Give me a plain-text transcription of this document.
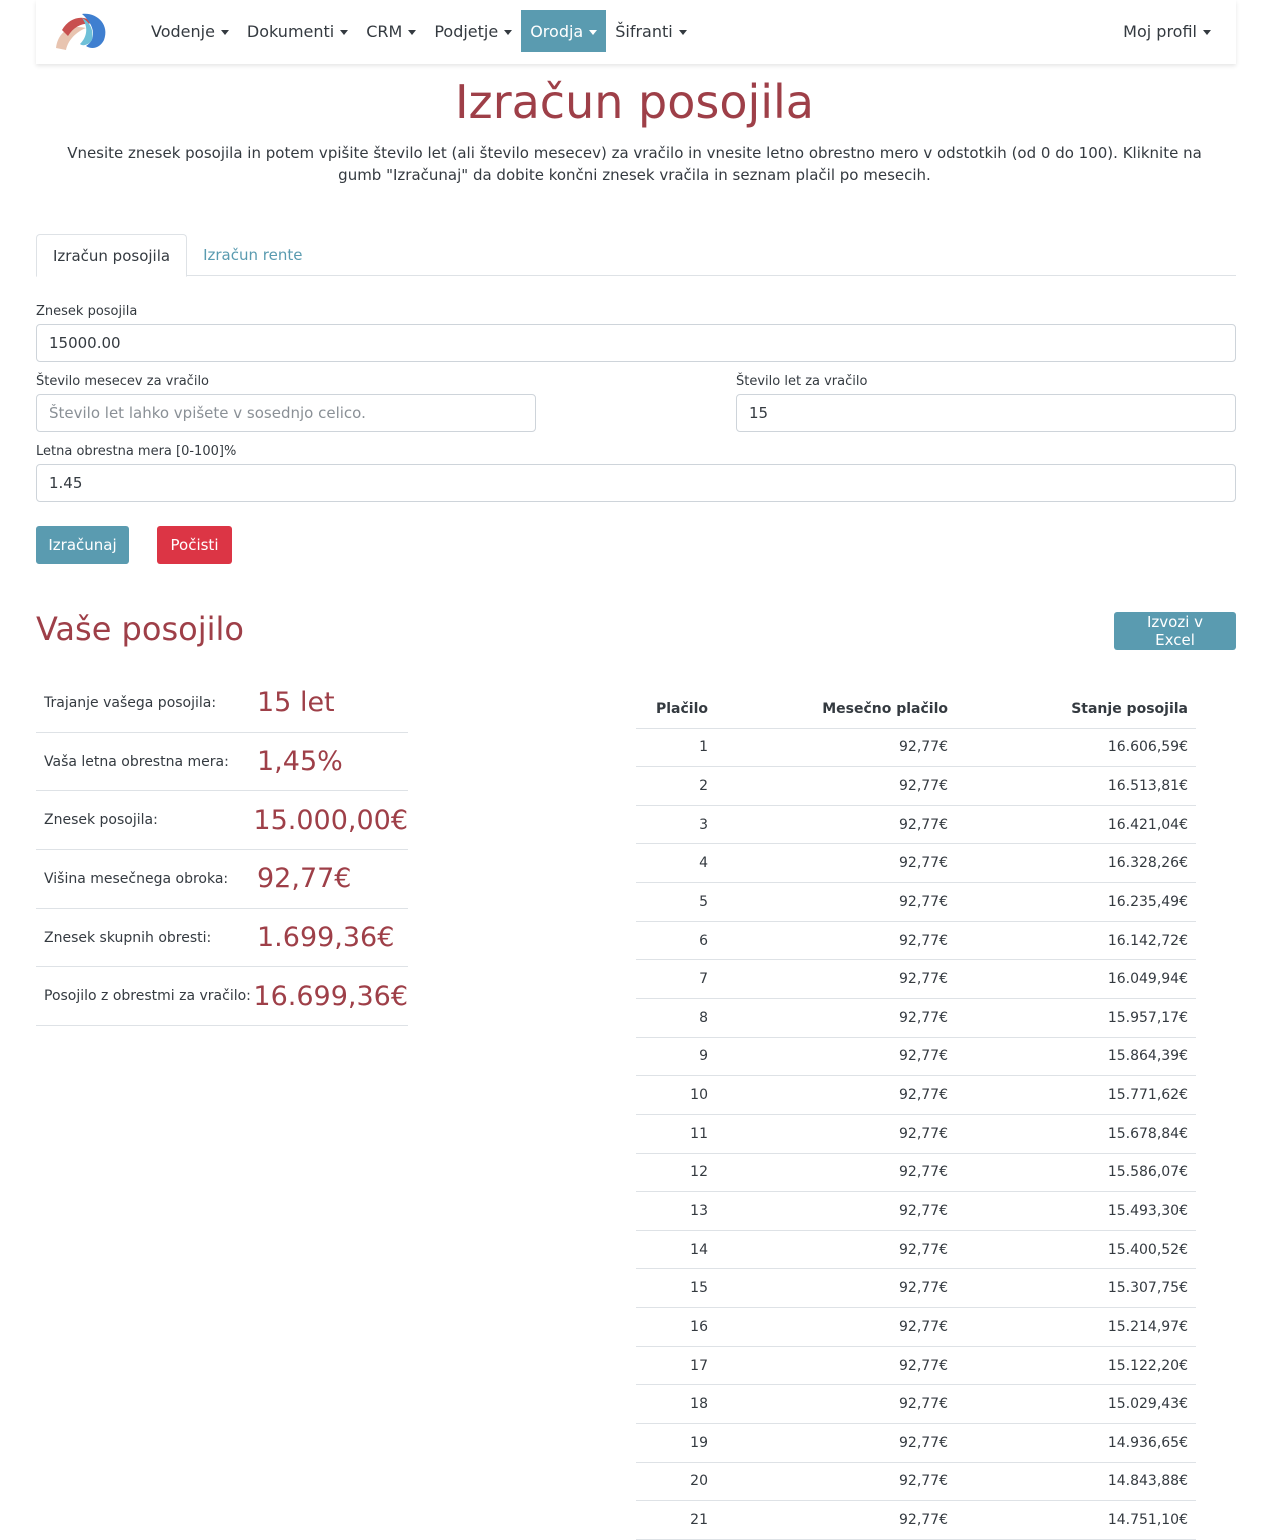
Vodenje Dokumenti CRM Podjetje Orodja Šifranti	Moj profil
Izračun posojila

Vnesite znesek posojila in potem vpišite število let (ali število mesecev) za vračilo in vnesite letno obrestno mero v odstotkih (od 0 do 100). Kliknite na gumb "Izračunaj" da dobite končni znesek vračila in seznam plačil po mesecih.

Izračun posojila	Izračun rente
Znesek posojila
15000.00
Število mesecev za vračilo
Število let lahko vpišete v sosednjo celico.	Število let za vračilo
15
Letna obrestna mera [0-100]%
1.45
Izračunaj	Počisti
Vaše posojilo	Izvozi v Excel
Trajanje vašega posojila:	15 let
Vaša letna obrestna mera:	1,45%
Znesek posojila:	15.000,00€
Višina mesečnega obroka:	92,77€
Znesek skupnih obresti:	1.699,36€
Posojilo z obrestmi za vračilo: 16.699,36€
Plačilo	Mesečno plačilo	Stanje posojila
1	92,77€	16.606,59€
2	92,77€	16.513,81€
3	92,77€	16.421,04€
4	92,77€	16.328,26€
5	92,77€	16.235,49€
6	92,77€	16.142,72€
7	92,77€	16.049,94€
8	92,77€	15.957,17€
9	92,77€	15.864,39€
10	92,77€	15.771,62€
11	92,77€	15.678,84€
12	92,77€	15.586,07€
13	92,77€	15.493,30€
14	92,77€	15.400,52€
15	92,77€	15.307,75€
16	92,77€	15.214,97€
17	92,77€	15.122,20€
18	92,77€	15.029,43€
19	92,77€	14.936,65€
20	92,77€	14.843,88€
21	92,77€	14.751,10€
